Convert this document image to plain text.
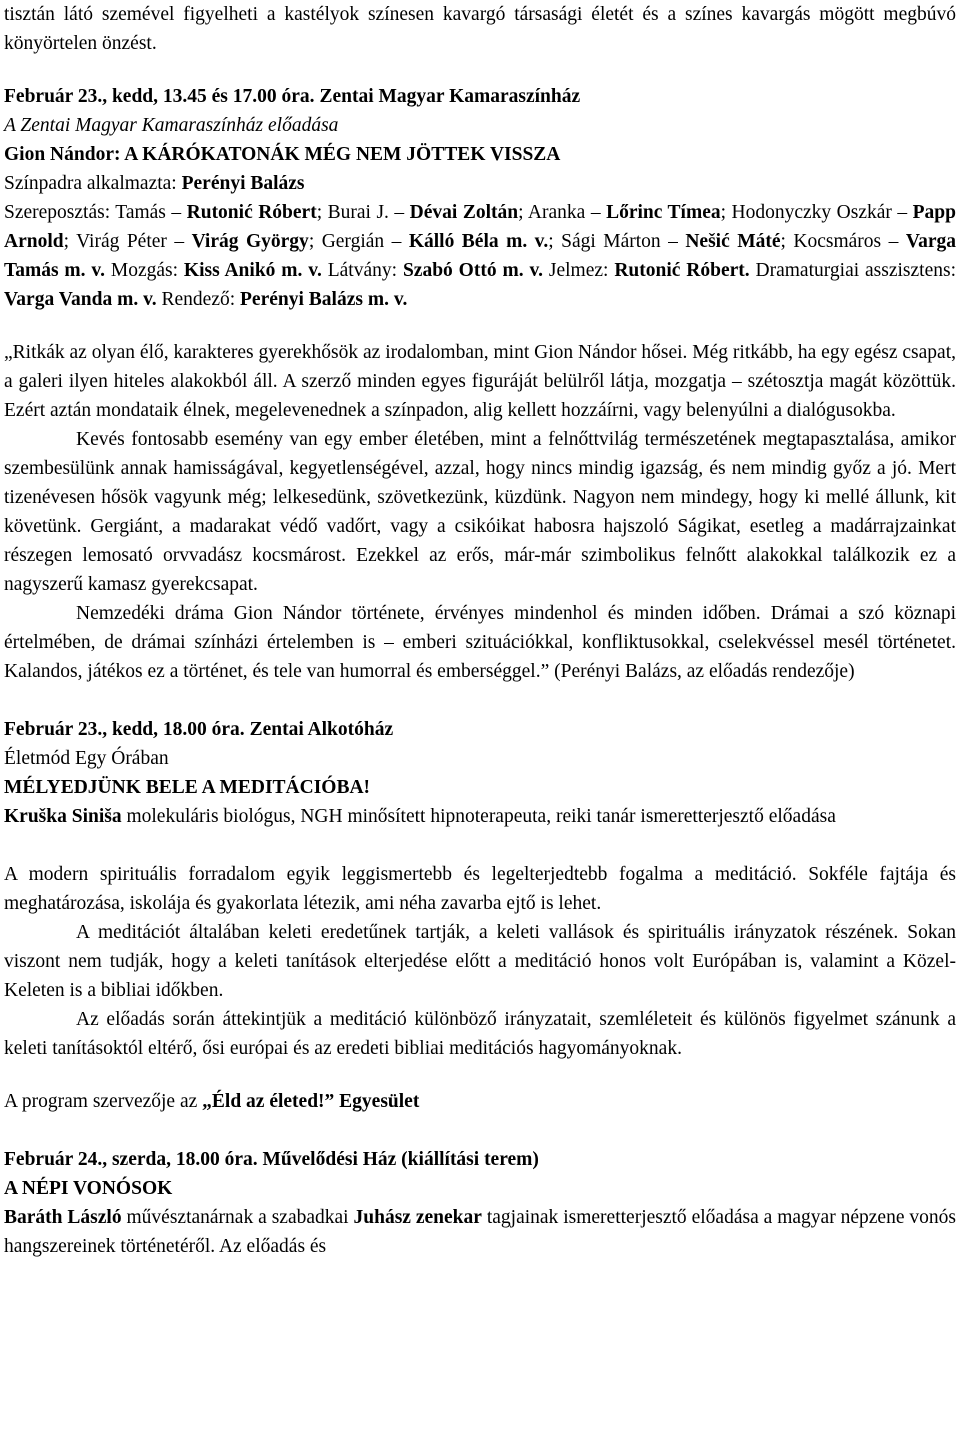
tisztán látó szemével figyelheti a kastélyok színesen kavargó társasági életét és a színes kavargás mögött megbúvó könyörtelen önzést.

Február 23., kedd, 13.45 és 17.00 óra. Zentai Magyar Kamaraszínház
A Zentai Magyar Kamaraszínház előadása
Gion Nándor: A KÁRÓKATONÁK MÉG NEM JÖTTEK VISSZA
Színpadra alkalmazta: Perényi Balázs

Szereposztás: Tamás – Rutonić Róbert; Burai J. – Dévai Zoltán; Aranka – Lőrinc Tímea; Hodonyczky Oszkár – Papp Arnold; Virág Péter – Virág György; Gergián – Kálló Béla m. v.; Sági Márton – Nešić Máté; Kocsmáros – Varga Tamás m. v. Mozgás: Kiss Anikó m. v. Látvány: Szabó Ottó m. v. Jelmez: Rutonić Róbert. Dramaturgiai asszisztens: Varga Vanda m. v. Rendező: Perényi Balázs m. v.

„Ritkák az olyan élő, karakteres gyerekhősök az irodalomban, mint Gion Nándor hősei. Még ritkább, ha egy egész csapat, a galeri ilyen hiteles alakokból áll. A szerző minden egyes figuráját belülről látja, mozgatja – szétosztja magát közöttük. Ezért aztán mondataik élnek, megelevenednek a színpadon, alig kellett hozzáírni, vagy belenyúlni a dialógusokba.

Kevés fontosabb esemény van egy ember életében, mint a felnőttvilág természetének megtapasztalása, amikor szembesülünk annak hamisságával, kegyetlenségével, azzal, hogy nincs mindig igazság, és nem mindig győz a jó. Mert tizenévesen hősök vagyunk még; lelkesedünk, szövetkezünk, küzdünk. Nagyon nem mindegy, hogy ki mellé állunk, kit követünk. Gergiánt, a madarakat védő vadőrt, vagy a csikóikat habosra hajszoló Ságikat, esetleg a madárrajzainkat részegen lemosató orvvadász kocsmárost. Ezekkel az erős, már-már szimbolikus felnőtt alakokkal találkozik ez a nagyszerű kamasz gyerekcsapat.

Nemzedéki dráma Gion Nándor története, érvényes mindenhol és minden időben. Drámai a szó köznapi értelmében, de drámai színházi értelemben is – emberi szituációkkal, konfliktusokkal, cselekvéssel mesél történetet. Kalandos, játékos ez a történet, és tele van humorral és emberséggel.” (Perényi Balázs, az előadás rendezője)

Február 23., kedd, 18.00 óra. Zentai Alkotóház
Életmód Egy Órában
MÉLYEDJÜNK BELE A MEDITÁCIÓBA!

Kruška Siniša molekuláris biológus, NGH minősített hipnoterapeuta, reiki tanár ismeretterjesztő előadása

A modern spirituális forradalom egyik leggismertebb és legelterjedtebb fogalma a meditáció. Sokféle fajtája és meghatározása, iskolája és gyakorlata létezik, ami néha zavarba ejtő is lehet.

A meditációt általában keleti eredetűnek tartják, a keleti vallások és spirituális irányzatok részének. Sokan viszont nem tudják, hogy a keleti tanítások elterjedése előtt a meditáció honos volt Európában is, valamint a Közel-Keleten is a bibliai időkben.

Az előadás során áttekintjük a meditáció különböző irányzatait, szemléleteit és különös figyelmet szánunk a keleti tanításoktól eltérő, ősi európai és az eredeti bibliai meditációs hagyományoknak.

A program szervezője az „Éld az életed!” Egyesület

Február 24., szerda, 18.00 óra. Művelődési Ház (kiállítási terem)
A NÉPI VONÓSOK

Baráth László művésztanárnak a szabadkai Juhász zenekar tagjainak ismeretterjesztő előadása a magyar népzene vonós hangszereinek történetéről. Az előadás és
